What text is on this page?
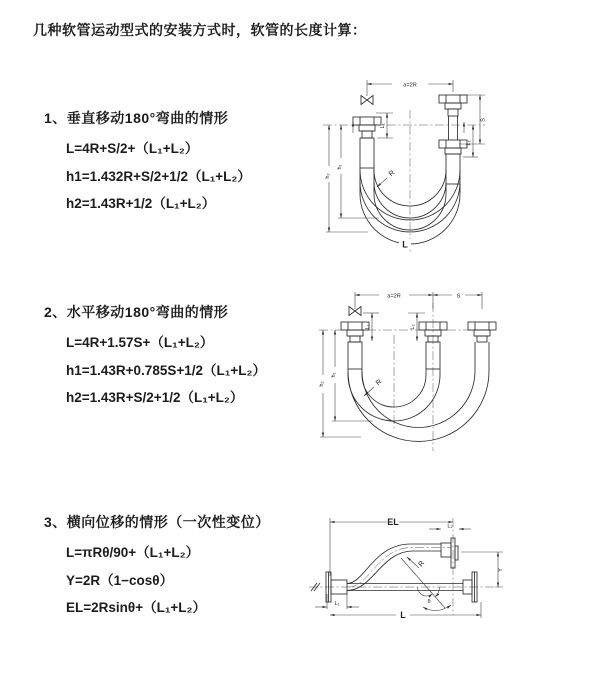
几种软管运动型式的安装方式时，软管的长度计算：
1、垂直移动180°弯曲的情形
L=4R+S/2+（L₁+L₂）
h1=1.432R+S/2+1/2（L₁+L₂）
h2=1.43R+1/2（L₁+L₂）
a=2R
h₂
h₁
L₁
S
L₂
R
L
2、水平移动180°弯曲的情形
L=4R+1.57S+（L₁+L₂）
h1=1.43R+0.785S+1/2（L₁+L₂）
h2=1.43R+S/2+1/2（L₁+L₂）
a=2R	S
h₂
h₁
L₁	L₂
R
3、横向位移的情形（一次性变位）
L=πRθ/90+（L₁+L₂）
Y=2R（1−cosθ）
EL=2Rsinθ+（L₁+L₂）
EL	L₂
Y
L
L₁
R
θ
